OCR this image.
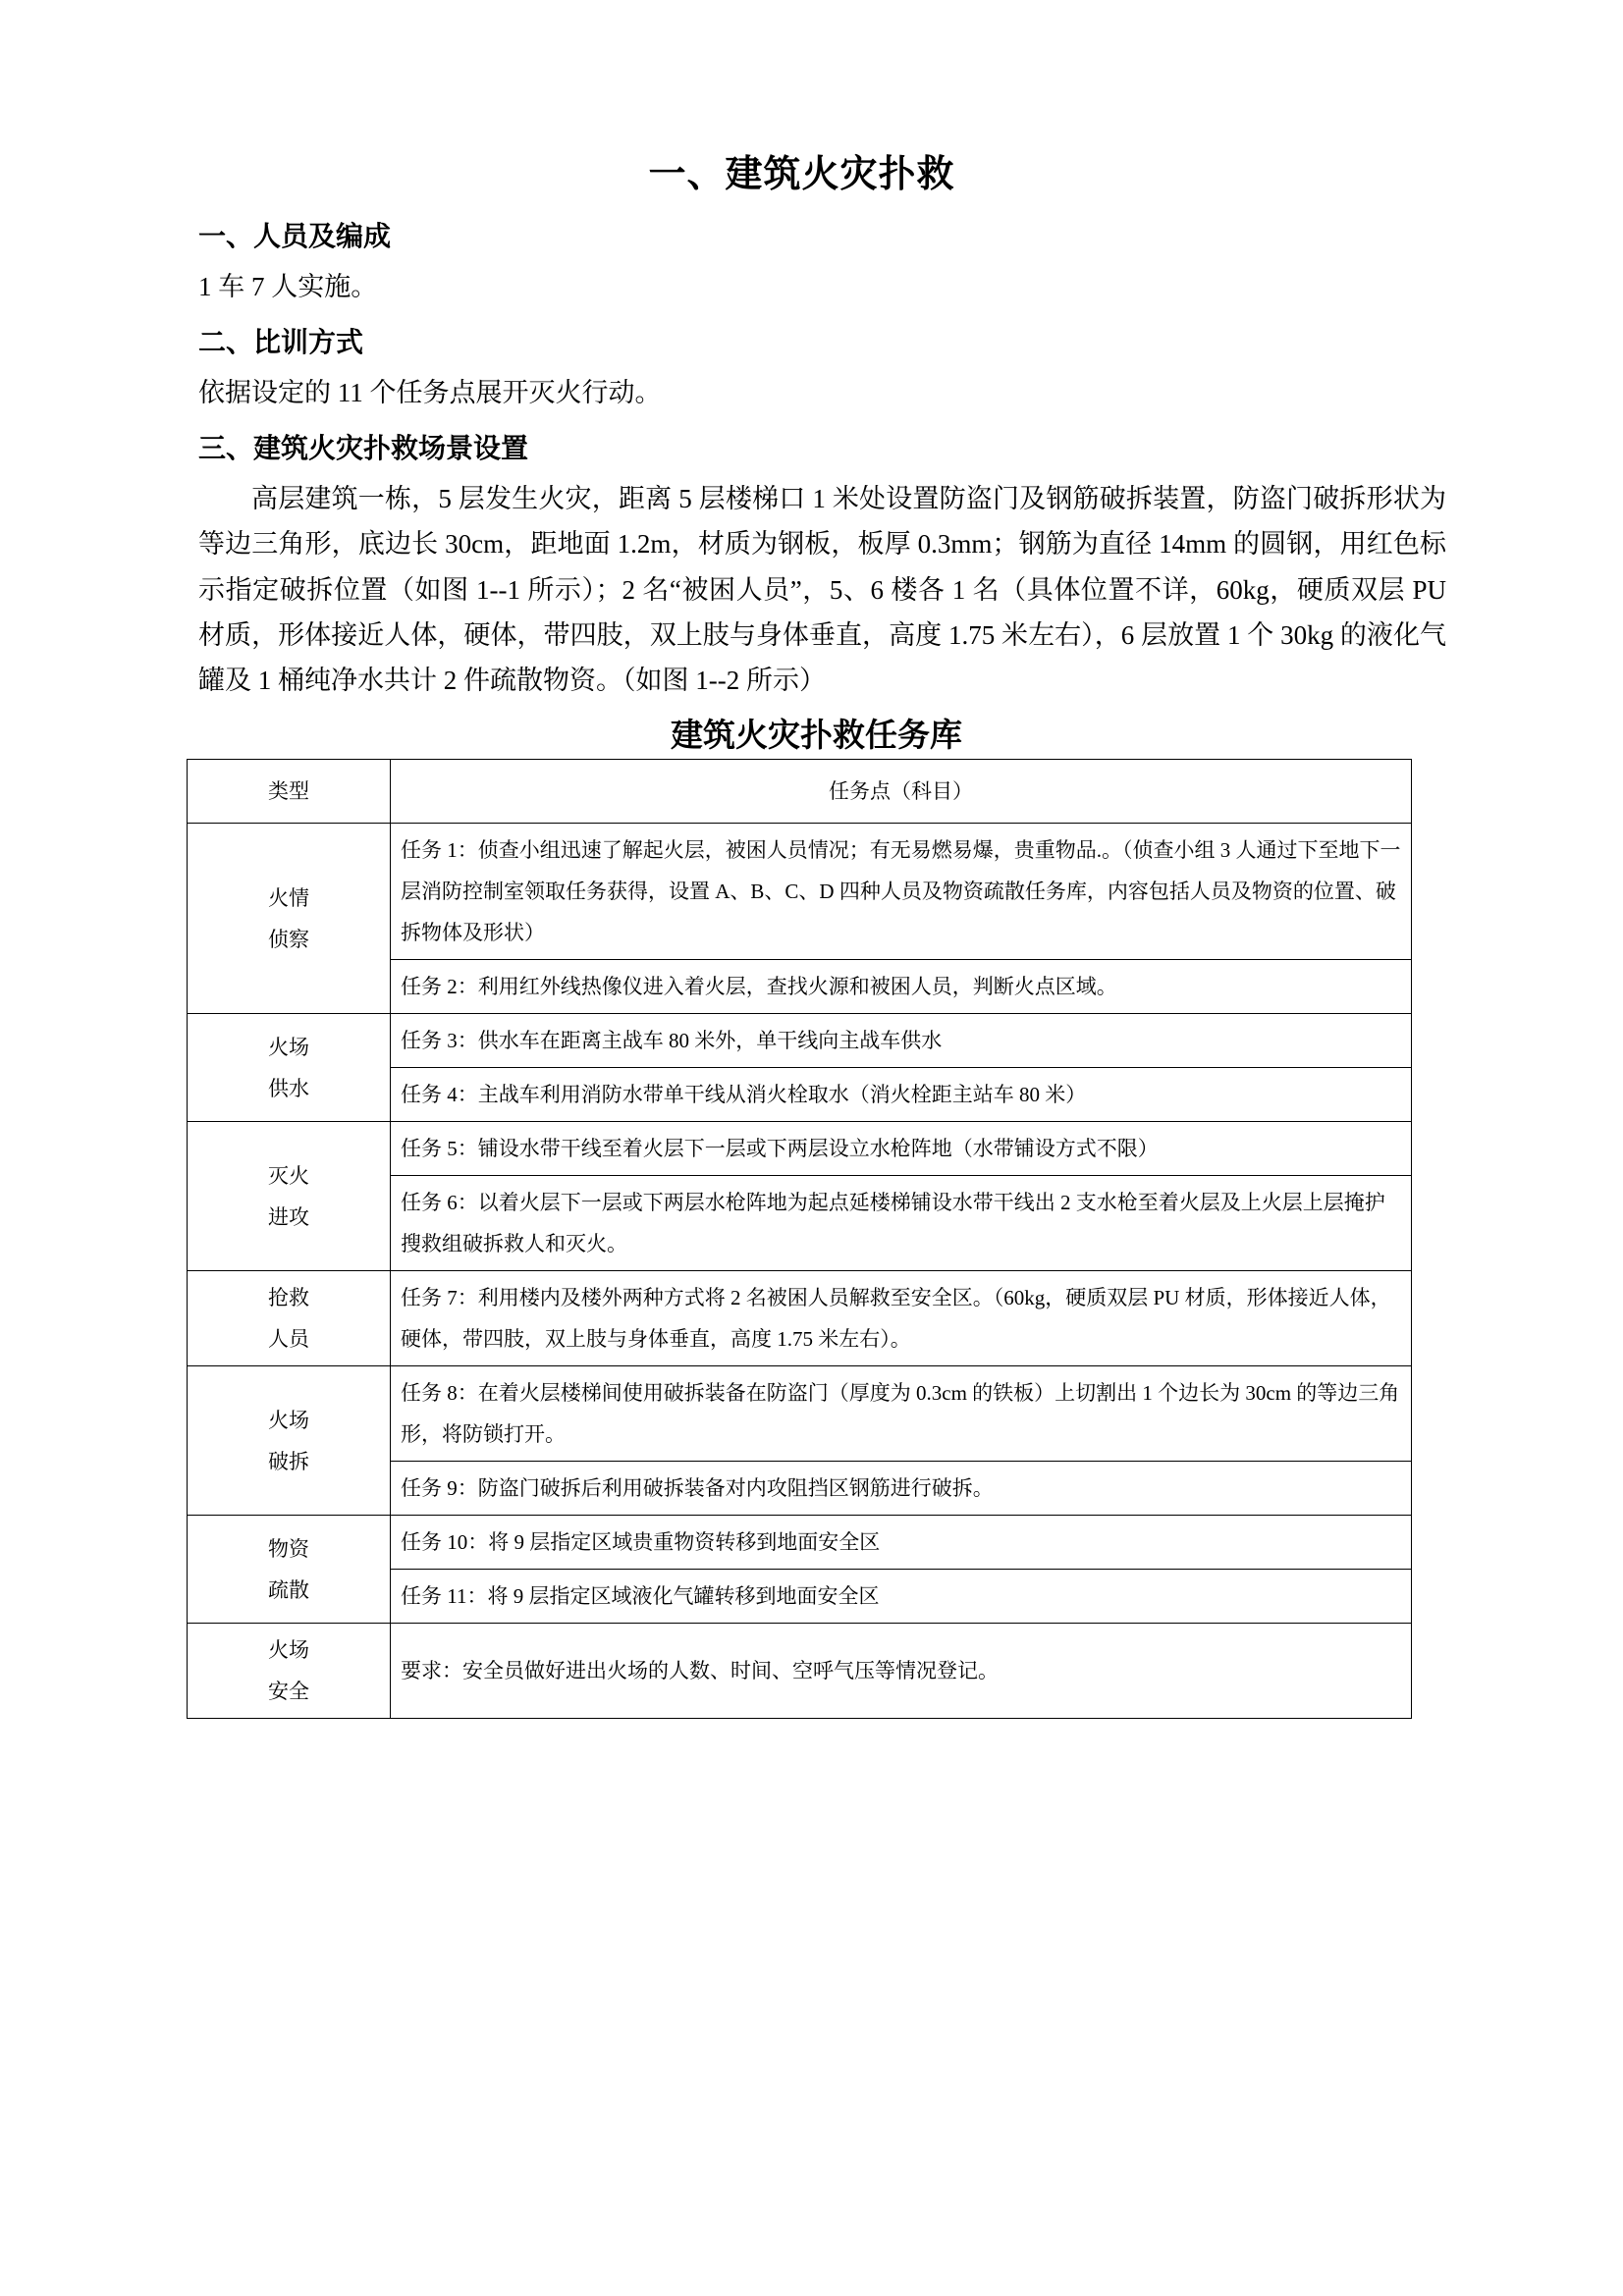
一、建筑火灾扑救
一、人员及编成

1 车 7 人实施。

二、比训方式

依据设定的 11 个任务点展开灭火行动。

三、建筑火灾扑救场景设置

高层建筑一栋，5 层发生火灾，距离 5 层楼梯口 1 米处设置防盗门及钢筋破拆装置，防盗门破拆形状为等边三角形，底边长 30cm，距地面 1.2m，材质为钢板，板厚 0.3mm；钢筋为直径 14mm 的圆钢，用红色标示指定破拆位置（如图 1--1 所示）；2 名“被困人员”，5、6 楼各 1 名（具体位置不详，60kg，硬质双层 PU 材质，形体接近人体，硬体，带四肢，双上肢与身体垂直，高度 1.75 米左右），6 层放置 1 个 30kg 的液化气罐及 1 桶纯净水共计 2 件疏散物资。（如图 1--2 所示）

建筑火灾扑救任务库
类型	任务点（科目）

火情
侦察	任务 1：侦查小组迅速了解起火层，被困人员情况；有无易燃易爆，贵重物品.。（侦查小组 3 人通过下至地下一层消防控制室领取任务获得，设置 A、B、C、D 四种人员及物资疏散任务库，内容包括人员及物资的位置、破拆物体及形状）
	任务 2：利用红外线热像仪进入着火层，查找火源和被困人员，判断火点区域。

火场
供水	任务 3：供水车在距离主战车 80 米外，单干线向主战车供水
	任务 4：主战车利用消防水带单干线从消火栓取水（消火栓距主站车 80 米）

灭火
进攻	任务 5：铺设水带干线至着火层下一层或下两层设立水枪阵地（水带铺设方式不限）
	任务 6：以着火层下一层或下两层水枪阵地为起点延楼梯铺设水带干线出 2 支水枪至着火层及上火层上层掩护搜救组破拆救人和灭火。

抢救
人员	任务 7：利用楼内及楼外两种方式将 2 名被困人员解救至安全区。（60kg，硬质双层 PU 材质，形体接近人体，硬体，带四肢，双上肢与身体垂直，高度 1.75 米左右）。

火场
破拆	任务 8：在着火层楼梯间使用破拆装备在防盗门（厚度为 0.3cm 的铁板）上切割出 1 个边长为 30cm 的等边三角形，将防锁打开。
	任务 9：防盗门破拆后利用破拆装备对内攻阻挡区钢筋进行破拆。

物资
疏散	任务 10：将 9 层指定区域贵重物资转移到地面安全区
	任务 11：将 9 层指定区域液化气罐转移到地面安全区

火场
安全	要求：安全员做好进出火场的人数、时间、空呼气压等情况登记。
